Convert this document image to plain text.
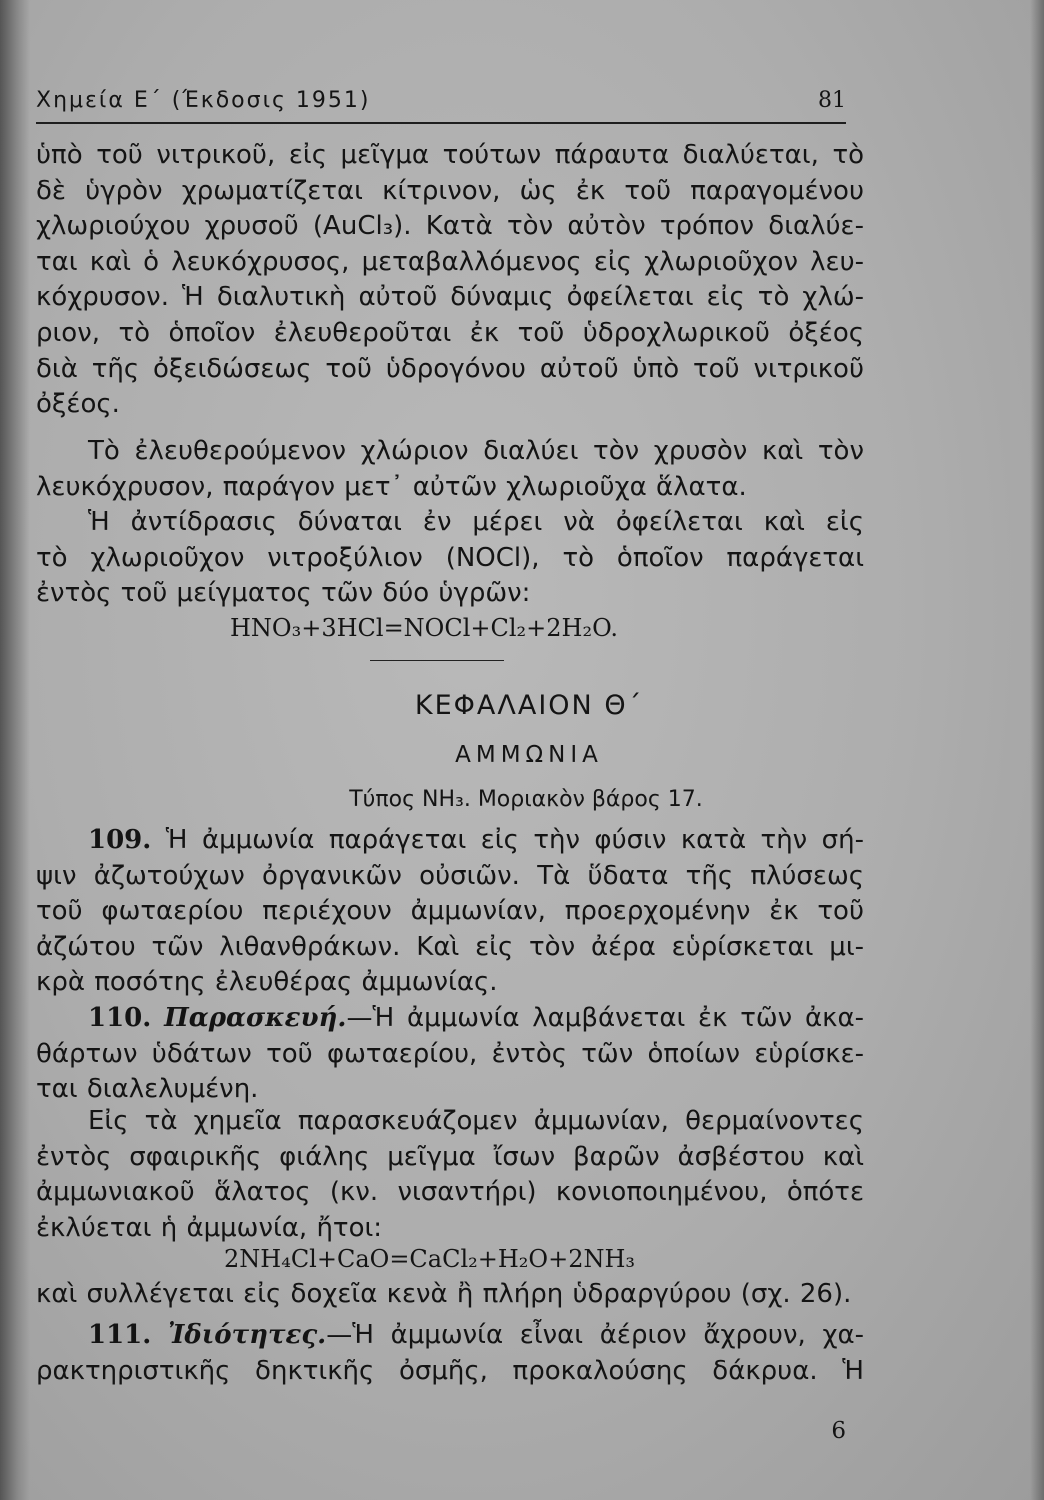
Χημεία Ε΄ (Έκδοσις 1951)	81
ὑπὸ τοῦ νιτρικοῦ, εἰς μεῖγμα τούτων πάραυτα διαλύεται, τὸ
δὲ ὑγρὸν χρωματίζεται κίτρινον, ὡς ἐκ τοῦ παραγομένου
χλωριούχου χρυσοῦ (AuCl₃). Κατὰ τὸν αὐτὸν τρόπον διαλύε-
ται καὶ ὁ λευκόχρυσος, μεταβαλλόμενος εἰς χλωριοῦχον λευ-
κόχρυσον. Ἡ διαλυτικὴ αὐτοῦ δύναμις ὀφείλεται εἰς τὸ χλώ-
ριον, τὸ ὁποῖον ἐλευθεροῦται ἐκ τοῦ ὑδροχλωρικοῦ ὀξέος
διὰ τῆς ὀξειδώσεως τοῦ ὑδρογόνου αὐτοῦ ὑπὸ τοῦ νιτρικοῦ
ὀξέος.
Τὸ ἐλευθερούμενον χλώριον διαλύει τὸν χρυσὸν καὶ τὸν
λευκόχρυσον, παράγον μετ᾽ αὐτῶν χλωριοῦχα ἅλατα.
Ἡ ἀντίδρασις δύναται ἐν μέρει νὰ ὀφείλεται καὶ εἰς
τὸ χλωριοῦχον νιτροξύλιον (NOCl), τὸ ὁποῖον παράγεται
ἐντὸς τοῦ μείγματος τῶν δύο ὑγρῶν:
HNO₃+3HCl=NOCl+Cl₂+2H₂O.
ΚΕΦΑΛΑΙΟΝ Θ΄
ΑΜΜΩΝΙΑ
Τύπος NH₃. Μοριακὸν βάρος 17.
109. Ἡ ἀμμωνία παράγεται εἰς τὴν φύσιν κατὰ τὴν σή-
ψιν ἀζωτούχων ὀργανικῶν οὐσιῶν. Τὰ ὕδατα τῆς πλύσεως
τοῦ φωταερίου περιέχουν ἀμμωνίαν, προερχομένην ἐκ τοῦ
ἀζώτου τῶν λιθανθράκων. Καὶ εἰς τὸν ἀέρα εὑρίσκεται μι-
κρὰ ποσότης ἐλευθέρας ἀμμωνίας.
110. Παρασκευή.—Ἡ ἀμμωνία λαμβάνεται ἐκ τῶν ἀκα-
θάρτων ὑδάτων τοῦ φωταερίου, ἐντὸς τῶν ὁποίων εὑρίσκε-
ται διαλελυμένη.
Εἰς τὰ χημεῖα παρασκευάζομεν ἀμμωνίαν, θερμαίνοντες
ἐντὸς σφαιρικῆς φιάλης μεῖγμα ἴσων βαρῶν ἀσβέστου καὶ
ἀμμωνιακοῦ ἅλατος (κν. νισαντήρι) κονιοποιημένου, ὁπότε
ἐκλύεται ἡ ἀμμωνία, ἤτοι:
2NH₄Cl+CaO=CaCl₂+H₂O+2NH₃
καὶ συλλέγεται εἰς δοχεῖα κενὰ ἢ πλήρη ὑδραργύρου (σχ. 26).
111. Ἰδιότητες.—Ἡ ἀμμωνία εἶναι ἀέριον ἄχρουν, χα-
ρακτηριστικῆς δηκτικῆς ὀσμῆς, προκαλούσης δάκρυα. Ἡ
6
